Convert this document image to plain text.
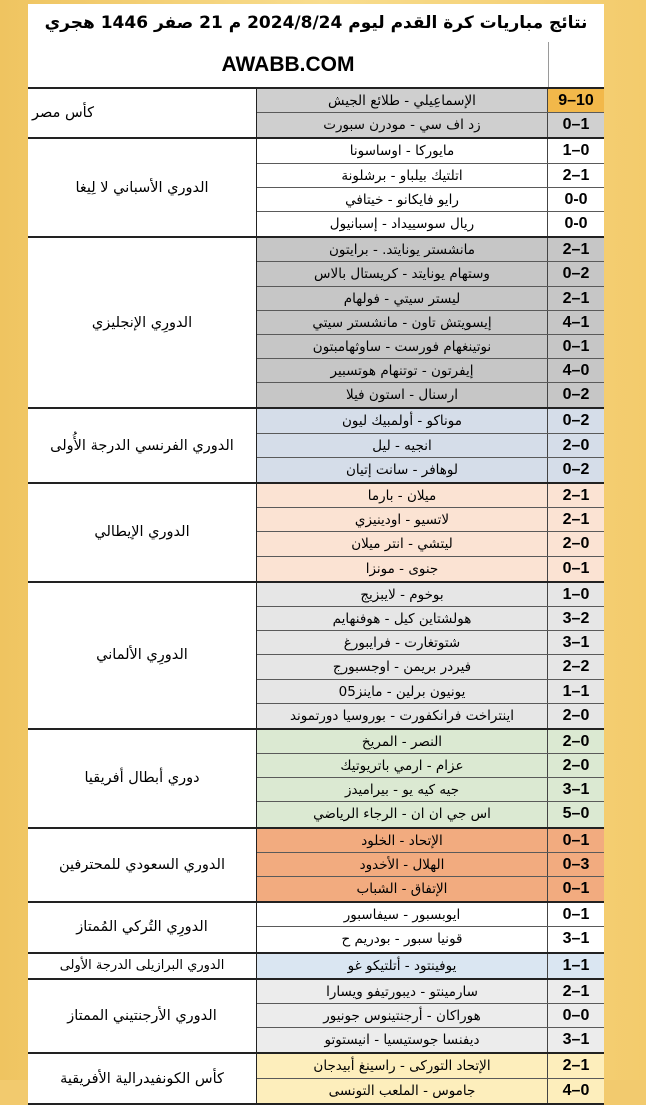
نتائج مباريات كرة القدم ليوم 2024/8/24 م 21 صفر 1446 هجري
AWABB.COM
كأس مصر
الإسماعِيلي - طلائع الجيش	9–10
زد اف سي - مودرن سبورت	0–1
الدوري الأسباني لا لِيغا
مايوركا - اوساسونا	1–0
اتلتيك بيلباو - برشلونة	2–1
رايو فايكانو - خيتافي	0-0
ريال سوسييداد - إسبانيول	0-0
الدورِي الإنجليزي
مانشستر يونايتد. - برايتون	2–1
وستهام يونايتد - كريستال بالاس	0–2
ليستر سيتي - فولهام	2–1
إيسويتش تاون - مانشستر سيتي	4–1
نوتينغهام فورست - ساوثهامبتون	0–1
إيفرتون - توتنهام هوتسبير	4–0
ارسنال - استون فيلا	0–2
الدوري الفرنسي الدرجة الأُولى
موناكو - أولمبيك ليون	0–2
انجيه - ليل	2–0
لوهافر - سانت إتيان	0–2
الدوري الإيطالي
ميلان - بارما	2–1
لاتسيو - اودينيزي	2–1
ليتشي - انتر ميلان	2–0
جنوى - مونزا	0–1
الدورِي الألماني
بوخوم - لايبزيج	1–0
هولشتاين كيل - هوفنهايم	3–2
شتوتغارت - فرايبورغ	3–1
فيردر بريمن - اوجسبورج	2–2
يونيون برلين - ماينز05	1–1
اينتراخت فرانكفورت - بوروسيا دورتموند	2–0
دوري أبطال أفريقيا
النصر - المريخ	2–0
عزام - ارمي باتريوتيك	2–0
جيه كيه يو - بيراميدز	3–1
اس جي ان ان - الرجاء الرياضي	5–0
الدوري السعودي للمحترفين
الإتحاد - الخلود	0–1
الهلال - الأخدود	0–3
الإتفاق - الشباب	0–1
الدورِي التُركي المُمتاز
ايوبسبور - سيفاسبور	0–1
قونيا سبور - بودريم ح	3–1
الدوري البرازيلى الدرجة الأولى	يوفينتود - أتلتيكو غو	1–1
الدوري الأرجنتيني الممتاز
سارمينتو - ديبورتيفو ويسارا	2–1
هوراكان - أرجنتينوس جونيور	0–0
ديفنسا جوستيسيا - انيستوتو	3–1
كأس الكونفيدرالية الأفريقية
الإتحاد التوركى - راسينغ أبيدجان	2–1
جاموس - الملعب التونسى	4–0
